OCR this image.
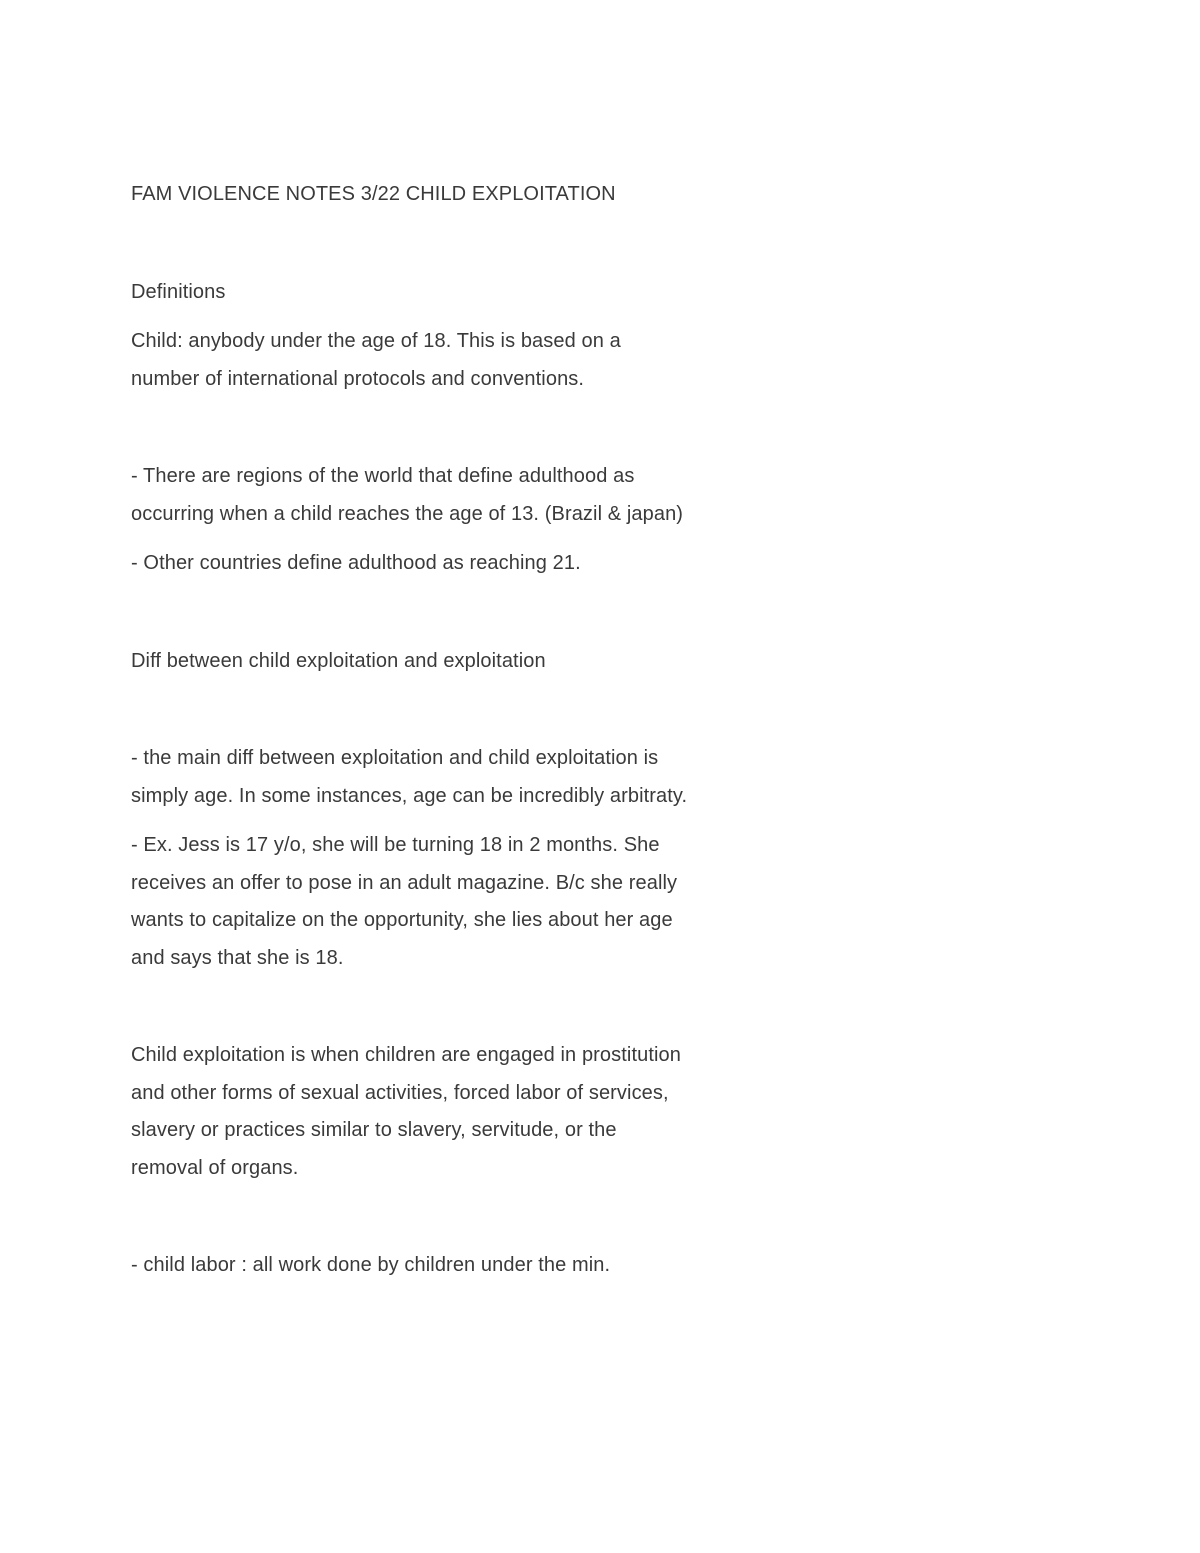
FAM VIOLENCE NOTES 3/22 CHILD EXPLOITATION

Definitions

Child: anybody under the age of 18. This is based on a number of international protocols and conventions.

- There are regions of the world that define adulthood as occurring when a child reaches the age of 13. (Brazil & japan)

- Other countries define adulthood as reaching 21.

Diff between child exploitation and exploitation

- the main diff between exploitation and child exploitation is simply age. In some instances, age can be incredibly arbitraty.

- Ex. Jess is 17 y/o, she will be turning 18 in 2 months. She receives an offer to pose in an adult magazine. B/c she really wants to capitalize on the opportunity, she lies about her age and says that she is 18.

Child exploitation is when children are engaged in prostitution and other forms of sexual activities, forced labor of services, slavery or practices similar to slavery, servitude, or the removal of organs.

- child labor : all work done by children under the min.
